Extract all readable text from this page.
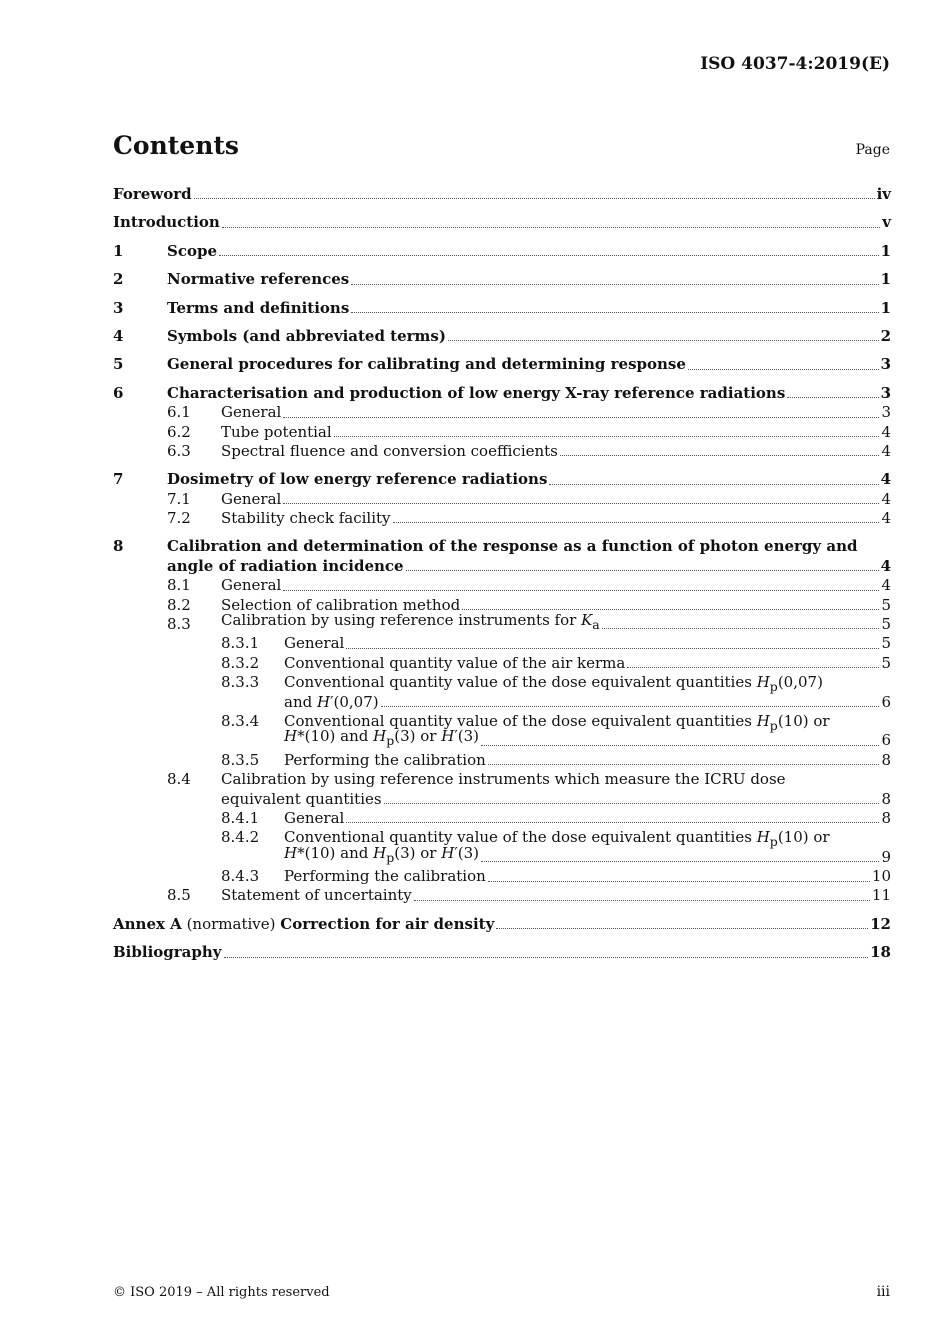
ISO 4037-4:2019(E)
Contents	Page
Foreword	iv
Introduction	v
1	Scope	1
2	Normative references	1
3	Terms and definitions	1
4	Symbols (and abbreviated terms)	2
5	General procedures for calibrating and determining response	3
6	Characterisation and production of low energy X-ray reference radiations	3
6.1	General	3
6.2	Tube potential	4
6.3	Spectral fluence and conversion coefficients	4
7	Dosimetry of low energy reference radiations	4
7.1	General	4
7.2	Stability check facility	4
8	Calibration and determination of the response as a function of photon energy and
angle of radiation incidence	4
8.1	General	4
8.2	Selection of calibration method	5
8.3	Calibration by using reference instruments for $K_a$	5
8.3.1	General	5
8.3.2	Conventional quantity value of the air kerma	5
8.3.3 Conventional quantity value of the dose equivalent quantities $H_p(0,07)$
and H′(0,07)	6
8.3.4 Conventional quantity value of the dose equivalent quantities $H_p(10)$ or
H*(10) and $H_p(3)$ or H′(3)	6
8.3.5	Performing the calibration	8
8.4 Calibration by using reference instruments which measure the ICRU dose
equivalent quantities	8
8.4.1	General	8
8.4.2 Conventional quantity value of the dose equivalent quantities $H_p(10)$ or
H*(10) and $H_p(3)$ or H′(3)	9
8.4.3	Performing the calibration	10
8.5	Statement of uncertainty	11
Annex A (normative) Correction for air density	12
Bibliography	18
© ISO 2019 – All rights reserved	iii
